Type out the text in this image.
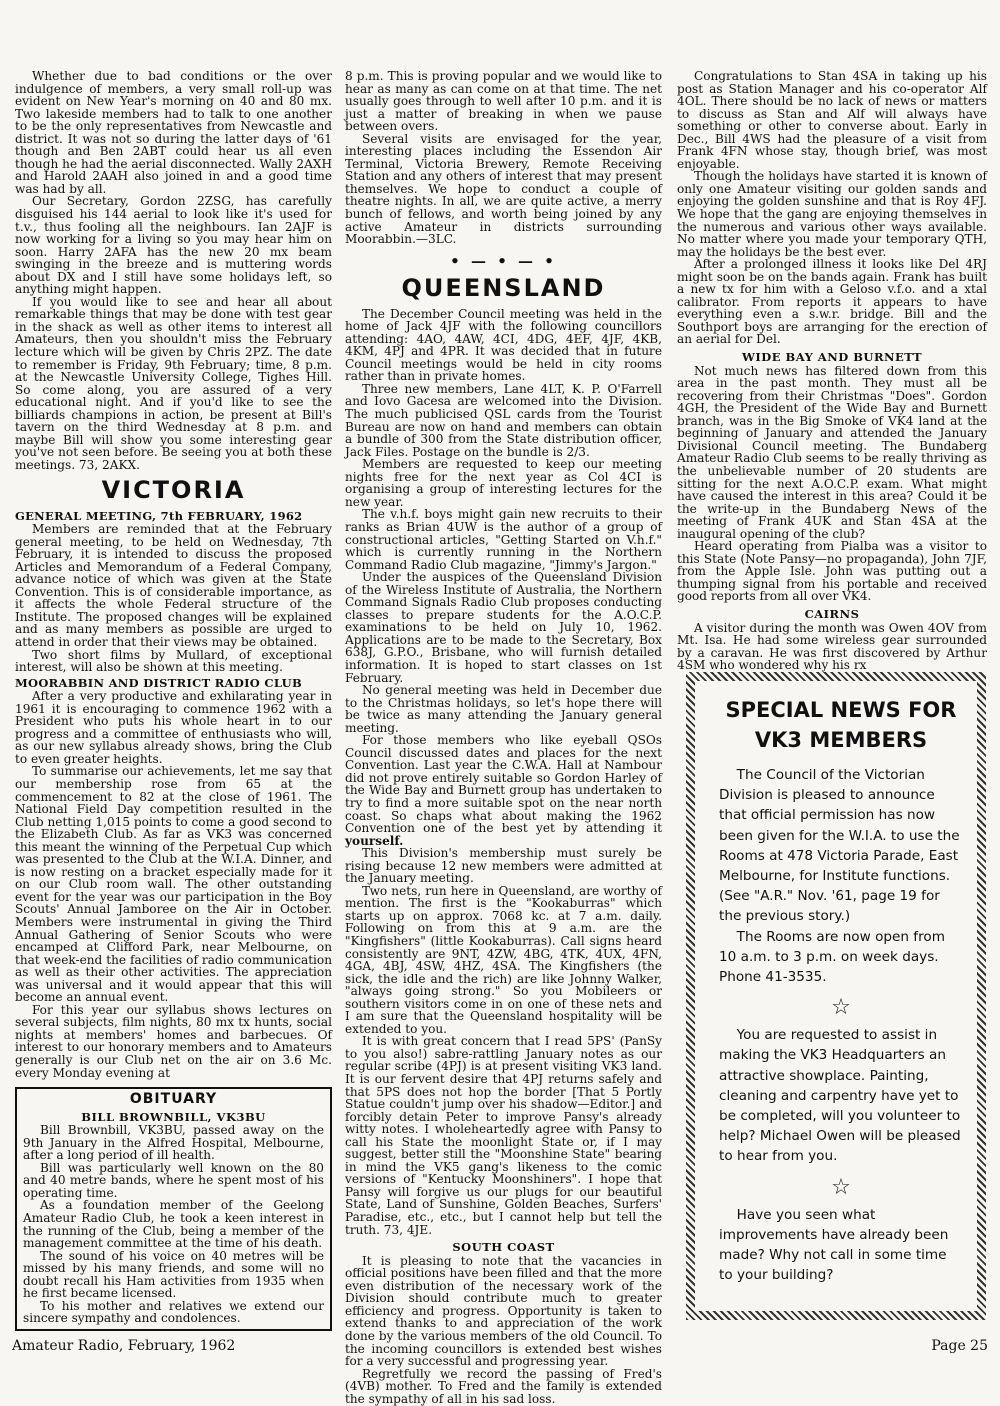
Whether due to bad conditions or the over indulgence of members, a very small roll-up was evident on New Year's morning on 40 and 80 mx. Two lakeside members had to talk to one another to be the only representatives from Newcastle and district. It was not so during the latter days of '61 though and Ben 2ABT could hear us all even though he had the aerial disconnected. Wally 2AXH and Harold 2AAH also joined in and a good time was had by all.

Our Secretary, Gordon 2ZSG, has carefully disguised his 144 aerial to look like it's used for t.v., thus fooling all the neighbours. Ian 2AJF is now working for a living so you may hear him on soon. Harry 2AFA has the new 20 mx beam swinging in the breeze and is muttering words about DX and I still have some holidays left, so anything might happen.

If you would like to see and hear all about remarkable things that may be done with test gear in the shack as well as other items to interest all Amateurs, then you shouldn't miss the February lecture which will be given by Chris 2PZ. The date to remember is Friday, 9th February; time, 8 p.m. at the Newcastle University College, Tighes Hill. So come along, you are assured of a very educational night. And if you'd like to see the billiards champions in action, be present at Bill's tavern on the third Wednesday at 8 p.m. and maybe Bill will show you some interesting gear you've not seen before. Be seeing you at both these meetings. 73, 2AKX.

VICTORIA
GENERAL MEETING, 7th FEBRUARY, 1962

Members are reminded that at the February general meeting, to be held on Wednesday, 7th February, it is intended to discuss the proposed Articles and Memorandum of a Federal Company, advance notice of which was given at the State Convention. This is of considerable importance, as it affects the whole Federal structure of the Institute. The proposed changes will be explained and as many members as possible are urged to attend in order that their views may be obtained.

Two short films by Mullard, of exceptional interest, will also be shown at this meeting.

MOORABBIN AND DISTRICT RADIO CLUB

After a very productive and exhilarating year in 1961 it is encouraging to commence 1962 with a President who puts his whole heart in to our progress and a committee of enthusiasts who will, as our new syllabus already shows, bring the Club to even greater heights.

To summarise our achievements, let me say that our membership rose from 65 at the commencement to 82 at the close of 1961. The National Field Day competition resulted in the Club netting 1,015 points to come a good second to the Elizabeth Club. As far as VK3 was concerned this meant the winning of the Perpetual Cup which was presented to the Club at the W.I.A. Dinner, and is now resting on a bracket especially made for it on our Club room wall. The other outstanding event for the year was our participation in the Boy Scouts' Annual Jamboree on the Air in October. Members were instrumental in giving the Third Annual Gathering of Senior Scouts who were encamped at Clifford Park, near Melbourne, on that week-end the facilities of radio communication as well as their other activities. The appreciation was universal and it would appear that this will become an annual event.

For this year our syllabus shows lectures on several subjects, film nights, 80 mx tx hunts, social nights at members' homes and barbecues. Of interest to our honorary members and to Amateurs generally is our Club net on the air on 3.6 Mc. every Monday evening at

OBITUARY
BILL BROWNBILL, VK3BU

Bill Brownbill, VK3BU, passed away on the 9th January in the Alfred Hospital, Melbourne, after a long period of ill health.

Bill was particularly well known on the 80 and 40 metre bands, where he spent most of his operating time.

As a foundation member of the Geelong Amateur Radio Club, he took a keen interest in the running of the Club, being a member of the management committee at the time of his death.

The sound of his voice on 40 metres will be missed by his many friends, and some will no doubt recall his Ham activities from 1935 when he first became licensed.

To his mother and relatives we extend our sincere sympathy and condolences.

8 p.m. This is proving popular and we would like to hear as many as can come on at that time. The net usually goes through to well after 10 p.m. and it is just a matter of breaking in when we pause between overs.

Several visits are envisaged for the year, interesting places including the Essendon Air Terminal, Victoria Brewery, Remote Receiving Station and any others of interest that may present themselves. We hope to conduct a couple of theatre nights. In all, we are quite active, a merry bunch of fellows, and worth being joined by any active Amateur in districts surrounding Moorabbin.—3LC.

• — • — •
QUEENSLAND

The December Council meeting was held in the home of Jack 4JF with the following councillors attending: 4AO, 4AW, 4CI, 4DG, 4EF, 4JF, 4KB, 4KM, 4PJ and 4PR. It was decided that in future Council meetings would be held in city rooms rather than in private homes.

Three new members, Lane 4LT, K. P. O'Farrell and Iovo Gacesa are welcomed into the Division. The much publicised QSL cards from the Tourist Bureau are now on hand and members can obtain a bundle of 300 from the State distribution officer, Jack Files. Postage on the bundle is 2/3.

Members are requested to keep our meeting nights free for the next year as Col 4CI is organising a group of interesting lectures for the new year.

The v.h.f. boys might gain new recruits to their ranks as Brian 4UW is the author of a group of constructional articles, "Getting Started on V.h.f." which is currently running in the Northern Command Radio Club magazine, "Jimmy's Jargon."

Under the auspices of the Queensland Division of the Wireless Institute of Australia, the Northern Command Signals Radio Club proposes conducting classes to prepare students for the A.O.C.P. examinations to be held on July 10, 1962. Applications are to be made to the Secretary, Box 638J, G.P.O., Brisbane, who will furnish detailed information. It is hoped to start classes on 1st February.

No general meeting was held in December due to the Christmas holidays, so let's hope there will be twice as many attending the January general meeting.

For those members who like eyeball QSOs Council discussed dates and places for the next Convention. Last year the C.W.A. Hall at Nambour did not prove entirely suitable so Gordon Harley of the Wide Bay and Burnett group has undertaken to try to find a more suitable spot on the near north coast. So chaps what about making the 1962 Convention one of the best yet by attending it yourself.

This Division's membership must surely be rising because 12 new members were admitted at the January meeting.

Two nets, run here in Queensland, are worthy of mention. The first is the "Kookaburras" which starts up on approx. 7068 kc. at 7 a.m. daily. Following on from this at 9 a.m. are the "Kingfishers" (little Kookaburras). Call signs heard consistently are 9NT, 4ZW, 4BG, 4TK, 4UX, 4FN, 4GA, 4BJ, 4SW, 4HZ, 4SA. The Kingfishers (the sick, the idle and the rich) are like Johnny Walker, "always going strong." So you Mobileers or southern visitors come in on one of these nets and I am sure that the Queensland hospitality will be extended to you.

It is with great concern that I read 5PS' (PanSy to you also!) sabre-rattling January notes as our regular scribe (4PJ) is at present visiting VK3 land. It is our fervent desire that 4PJ returns safely and that 5PS does not hop the border [That 5 Portly Statue couldn't jump over his shadow—Editor.] and forcibly detain Peter to improve Pansy's already witty notes. I wholeheartedly agree with Pansy to call his State the moonlight State or, if I may suggest, better still the "Moonshine State" bearing in mind the VK5 gang's likeness to the comic versions of "Kentucky Moonshiners". I hope that Pansy will forgive us our plugs for our beautiful State, Land of Sunshine, Golden Beaches, Surfers' Paradise, etc., etc., but I cannot help but tell the truth. 73, 4JE.

SOUTH COAST

It is pleasing to note that the vacancies in official positions have been filled and that the more even distribution of the necessary work of the Division should contribute much to greater efficiency and progress. Opportunity is taken to extend thanks to and appreciation of the work done by the various members of the old Council. To the incoming councillors is extended best wishes for a very successful and progressing year.

Regretfully we record the passing of Fred's (4VB) mother. To Fred and the family is extended the sympathy of all in his sad loss.

Congratulations to Stan 4SA in taking up his post as Station Manager and his co-operator Alf 4OL. There should be no lack of news or matters to discuss as Stan and Alf will always have something or other to converse about. Early in Dec., Bill 4WS had the pleasure of a visit from Frank 4FN whose stay, though brief, was most enjoyable.

Though the holidays have started it is known of only one Amateur visiting our golden sands and enjoying the golden sunshine and that is Roy 4FJ. We hope that the gang are enjoying themselves in the numerous and various other ways available. No matter where you made your temporary QTH, may the holidays be the best ever.

After a prolonged illness it looks like Del 4RJ might soon be on the bands again. Frank has built a new tx for him with a Geloso v.f.o. and a xtal calibrator. From reports it appears to have everything even a s.w.r. bridge. Bill and the Southport boys are arranging for the erection of an aerial for Del.

WIDE BAY AND BURNETT

Not much news has filtered down from this area in the past month. They must all be recovering from their Christmas "Does". Gordon 4GH, the President of the Wide Bay and Burnett branch, was in the Big Smoke of VK4 land at the beginning of January and attended the January Divisional Council meeting. The Bundaberg Amateur Radio Club seems to be really thriving as the unbelievable number of 20 students are sitting for the next A.O.C.P. exam. What might have caused the interest in this area? Could it be the write-up in the Bundaberg News of the meeting of Frank 4UK and Stan 4SA at the inaugural opening of the club?

Heard operating from Pialba was a visitor to this State (Note Pansy—no propaganda), John 7JF, from the Apple Isle. John was putting out a thumping signal from his portable and received good reports from all over VK4.

CAIRNS

A visitor during the month was Owen 4OV from Mt. Isa. He had some wireless gear surrounded by a caravan. He was first discovered by Arthur 4SM who wondered why his rx

SPECIAL NEWS FOR VK3 MEMBERS

The Council of the Victorian Division is pleased to announce that official permission has now been given for the W.I.A. to use the Rooms at 478 Victoria Parade, East Melbourne, for Institute functions. (See "A.R." Nov. '61, page 19 for the previous story.)

The Rooms are now open from 10 a.m. to 3 p.m. on week days. Phone 41-3535.

☆

You are requested to assist in making the VK3 Headquarters an attractive showplace. Painting, cleaning and carpentry have yet to be completed, will you volunteer to help? Michael Owen will be pleased to hear from you.

☆

Have you seen what improvements have already been made? Why not call in some time to your building?

Amateur Radio, February, 1962	Page 25
